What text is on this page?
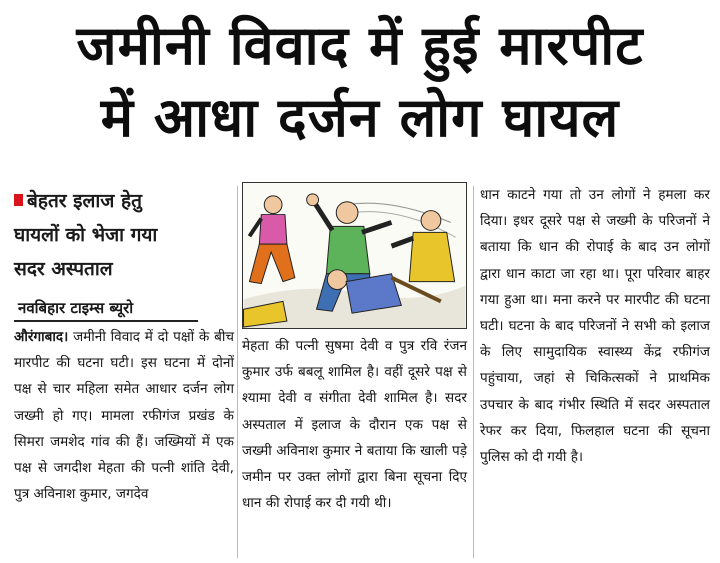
जमीनी विवाद में हुई मारपीट
में आधा दर्जन लोग घायल
बेहतर इलाज हेतु
घायलों को भेजा गया
सदर अस्पताल
नवबिहार टाइम्स ब्यूरो

औरंगाबाद। जमीनी विवाद में दो पक्षों के बीच मारपीट की घटना घटी। इस घटना में दोनों पक्ष से चार महिला समेत आधार दर्जन लोग जख्मी हो गए। मामला रफीगंज प्रखंड के सिमरा जमशेद गांव की हैं। जख्मियों में एक पक्ष से जगदीश मेहता की पत्नी शांति देवी, पुत्र अविनाश कुमार, जगदेव

मेहता की पत्नी सुषमा देवी व पुत्र रवि रंजन कुमार उर्फ बबलू शामिल है। वहीं दूसरे पक्ष से श्यामा देवी व संगीता देवी शामिल है। सदर अस्पताल में इलाज के दौरान एक पक्ष से जख्मी अविनाश कुमार ने बताया कि खाली पड़े जमीन पर उक्त लोगों द्वारा बिना सूचना दिए धान की रोपाई कर दी गयी थी।

धान काटने गया तो उन लोगों ने हमला कर दिया। इधर दूसरे पक्ष से जख्मी के परिजनों ने बताया कि धान की रोपाई के बाद उन लोगों द्वारा धान काटा जा रहा था। पूरा परिवार बाहर गया हुआ था। मना करने पर मारपीट की घटना घटी। घटना के बाद परिजनों ने सभी को इलाज के लिए सामुदायिक स्वास्थ्य केंद्र रफीगंज पहुंचाया, जहां से चिकित्सकों ने प्राथमिक उपचार के बाद गंभीर स्थिति में सदर अस्पताल रेफर कर दिया, फिलहाल घटना की सूचना पुलिस को दी गयी है।
